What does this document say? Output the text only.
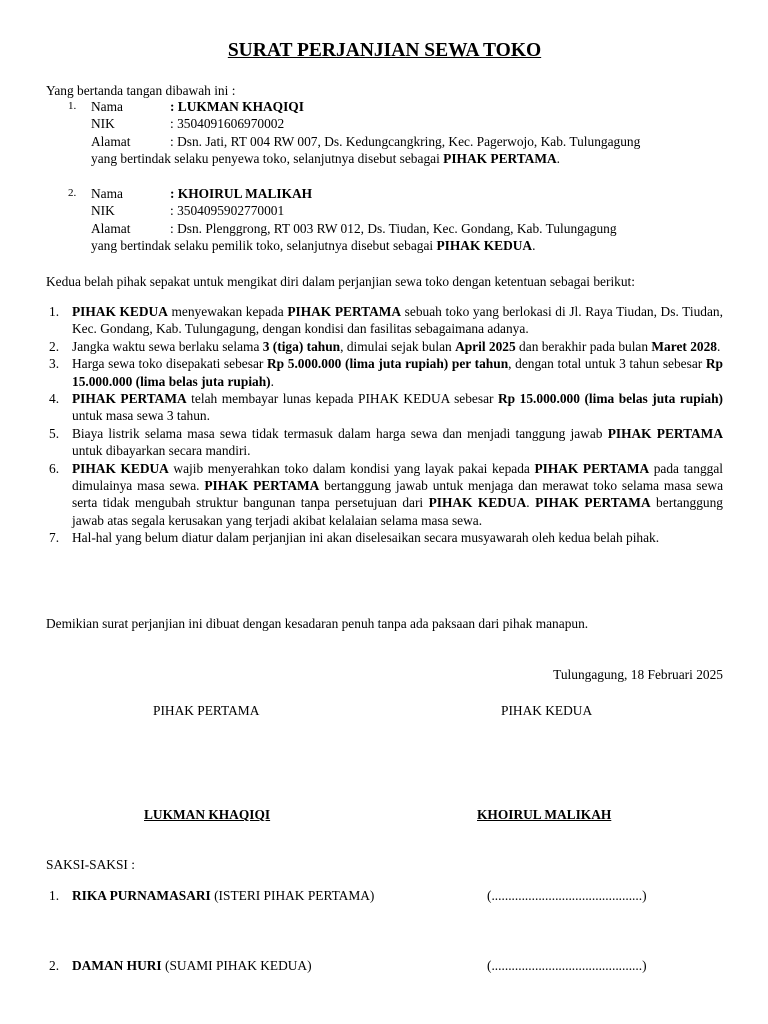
SURAT PERJANJIAN SEWA TOKO
Yang bertanda tangan dibawah ini :
1. Nama	: LUKMAN KHAQIQI
NIK	: 3504091606970002
Alamat	: Dsn. Jati, RT 004 RW 007, Ds. Kedungcangkring, Kec. Pagerwojo, Kab. Tulungagung
yang bertindak selaku penyewa toko, selanjutnya disebut sebagai PIHAK PERTAMA.
2. Nama	: KHOIRUL MALIKAH
NIK	: 3504095902770001
Alamat	: Dsn. Plenggrong, RT 003 RW 012, Ds. Tiudan, Kec. Gondang, Kab. Tulungagung
yang bertindak selaku pemilik toko, selanjutnya disebut sebagai PIHAK KEDUA.
Kedua belah pihak sepakat untuk mengikat diri dalam perjanjian sewa toko dengan ketentuan sebagai berikut:
1. PIHAK KEDUA menyewakan kepada PIHAK PERTAMA sebuah toko yang berlokasi di Jl. Raya Tiudan, Ds. Tiudan, Kec. Gondang, Kab. Tulungagung, dengan kondisi dan fasilitas sebagaimana adanya.
2. Jangka waktu sewa berlaku selama 3 (tiga) tahun, dimulai sejak bulan April 2025 dan berakhir pada bulan Maret 2028.
3. Harga sewa toko disepakati sebesar Rp 5.000.000 (lima juta rupiah) per tahun, dengan total untuk 3 tahun sebesar Rp 15.000.000 (lima belas juta rupiah).
4. PIHAK PERTAMA telah membayar lunas kepada PIHAK KEDUA sebesar Rp 15.000.000 (lima belas juta rupiah) untuk masa sewa 3 tahun.
5. Biaya listrik selama masa sewa tidak termasuk dalam harga sewa dan menjadi tanggung jawab PIHAK PERTAMA untuk dibayarkan secara mandiri.
6. PIHAK KEDUA wajib menyerahkan toko dalam kondisi yang layak pakai kepada PIHAK PERTAMA pada tanggal dimulainya masa sewa. PIHAK PERTAMA bertanggung jawab untuk menjaga dan merawat toko selama masa sewa serta tidak mengubah struktur bangunan tanpa persetujuan dari PIHAK KEDUA. PIHAK PERTAMA bertanggung jawab atas segala kerusakan yang terjadi akibat kelalaian selama masa sewa.
7. Hal-hal yang belum diatur dalam perjanjian ini akan diselesaikan secara musyawarah oleh kedua belah pihak.
Demikian surat perjanjian ini dibuat dengan kesadaran penuh tanpa ada paksaan dari pihak manapun.
Tulungagung, 18 Februari 2025
PIHAK PERTAMA	PIHAK KEDUA
LUKMAN KHAQIQI	KHOIRUL MALIKAH
SAKSI-SAKSI :
1. RIKA PURNAMASARI (ISTERI PIHAK PERTAMA)	(.............................................)
2. DAMAN HURI (SUAMI PIHAK KEDUA)	(.............................................)
